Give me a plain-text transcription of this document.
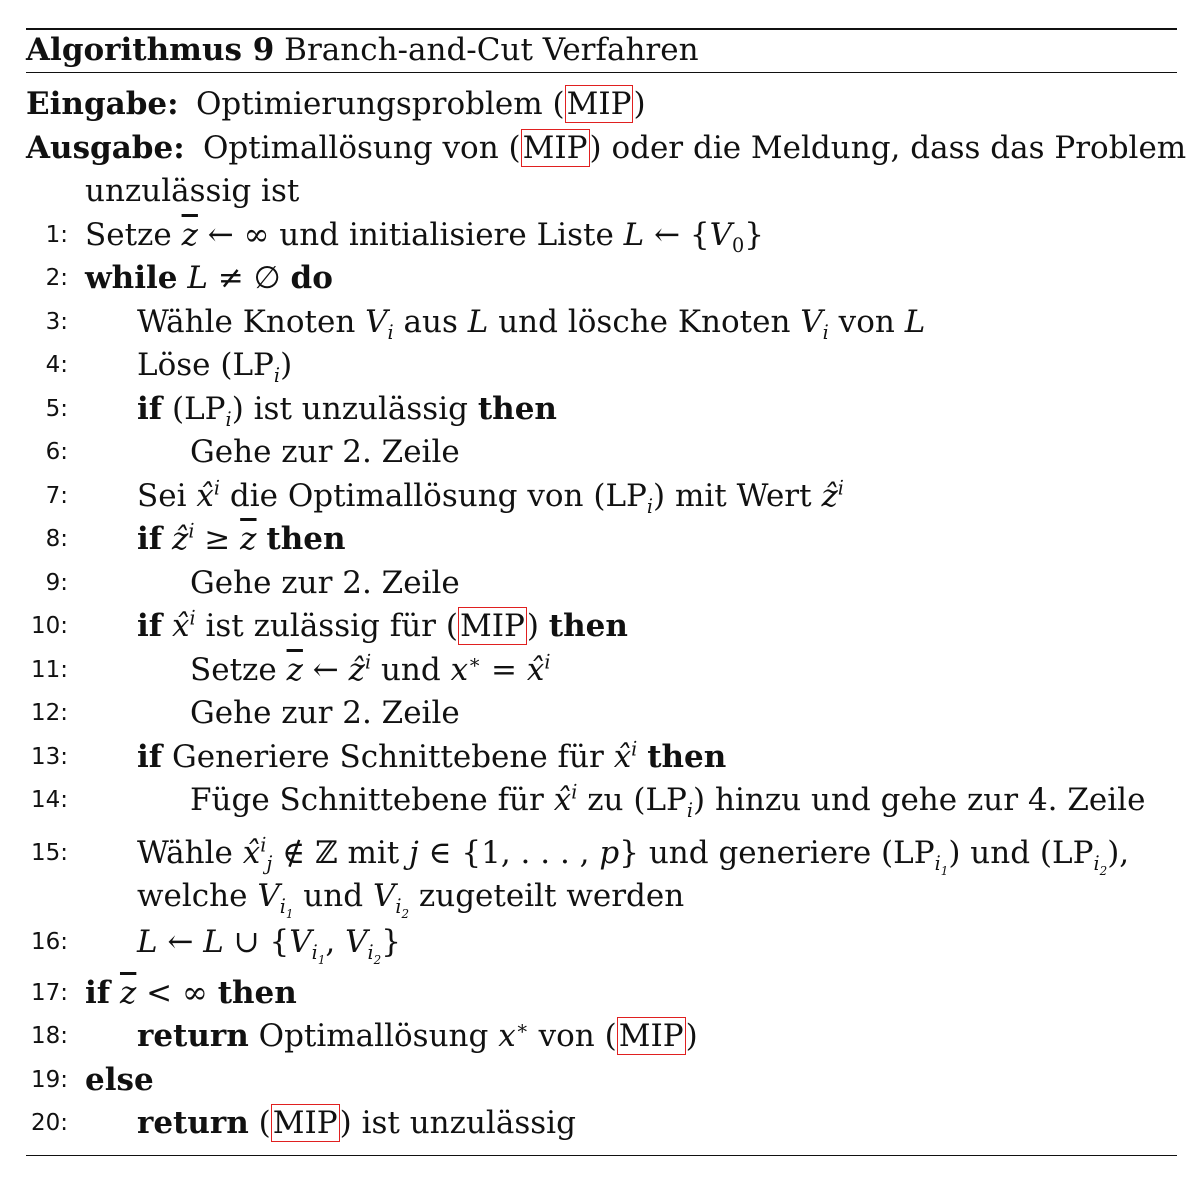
Algorithmus 9 Branch-and-Cut Verfahren
Eingabe: Optimierungsproblem (MIP)
Ausgabe: Optimallösung von (MIP) oder die Meldung, dass das Problem
unzulässig ist
1: Setze $\overline{z}$ ← ∞ und initialisiere Liste L ← $\{V_0\}$
2: while L ≠ ∅ do
3: Wähle Knoten $V_i$ aus L und lösche Knoten $V_i$ von L
4: Löse $(LP_i)$
5: if $(LP_i)$ ist unzulässig then
6:	Gehe zur 2. Zeile
7: Sei x̂$^i$ die Optimallösung von $(LP_i)$ mit Wert ẑ$^i$
8: if ẑ$^i$ ≥ $\overline{z}$ then
9:	Gehe zur 2. Zeile
10: if x̂$^i$ ist zulässig für (MIP) then
11:	Setze $\overline{z}$ ← ẑ$^i$ und x∗ = x̂$^i$
12:	Gehe zur 2. Zeile
13: if Generiere Schnittebene für x̂$^i$ then
14:	Füge Schnittebene für x̂$^i$ zu $(LP_i)$ hinzu und gehe zur 4. Zeile
15: Wähle x̂$^i_j$ ∉ ℤ mit j ∈ {1, . . . , p} und generiere $(LP_{i_1})$ und $(LP_{i_2})$,
welche $V_{i_1}$ und $V_{i_2}$ zugeteilt werden
16: L ← L ∪ {$V_{i_1}$, $V_{i_2}$}
17: if $\overline{z}$ < ∞ then
18: return Optimallösung x∗ von (MIP)
19: else
20: return (MIP) ist unzulässig
